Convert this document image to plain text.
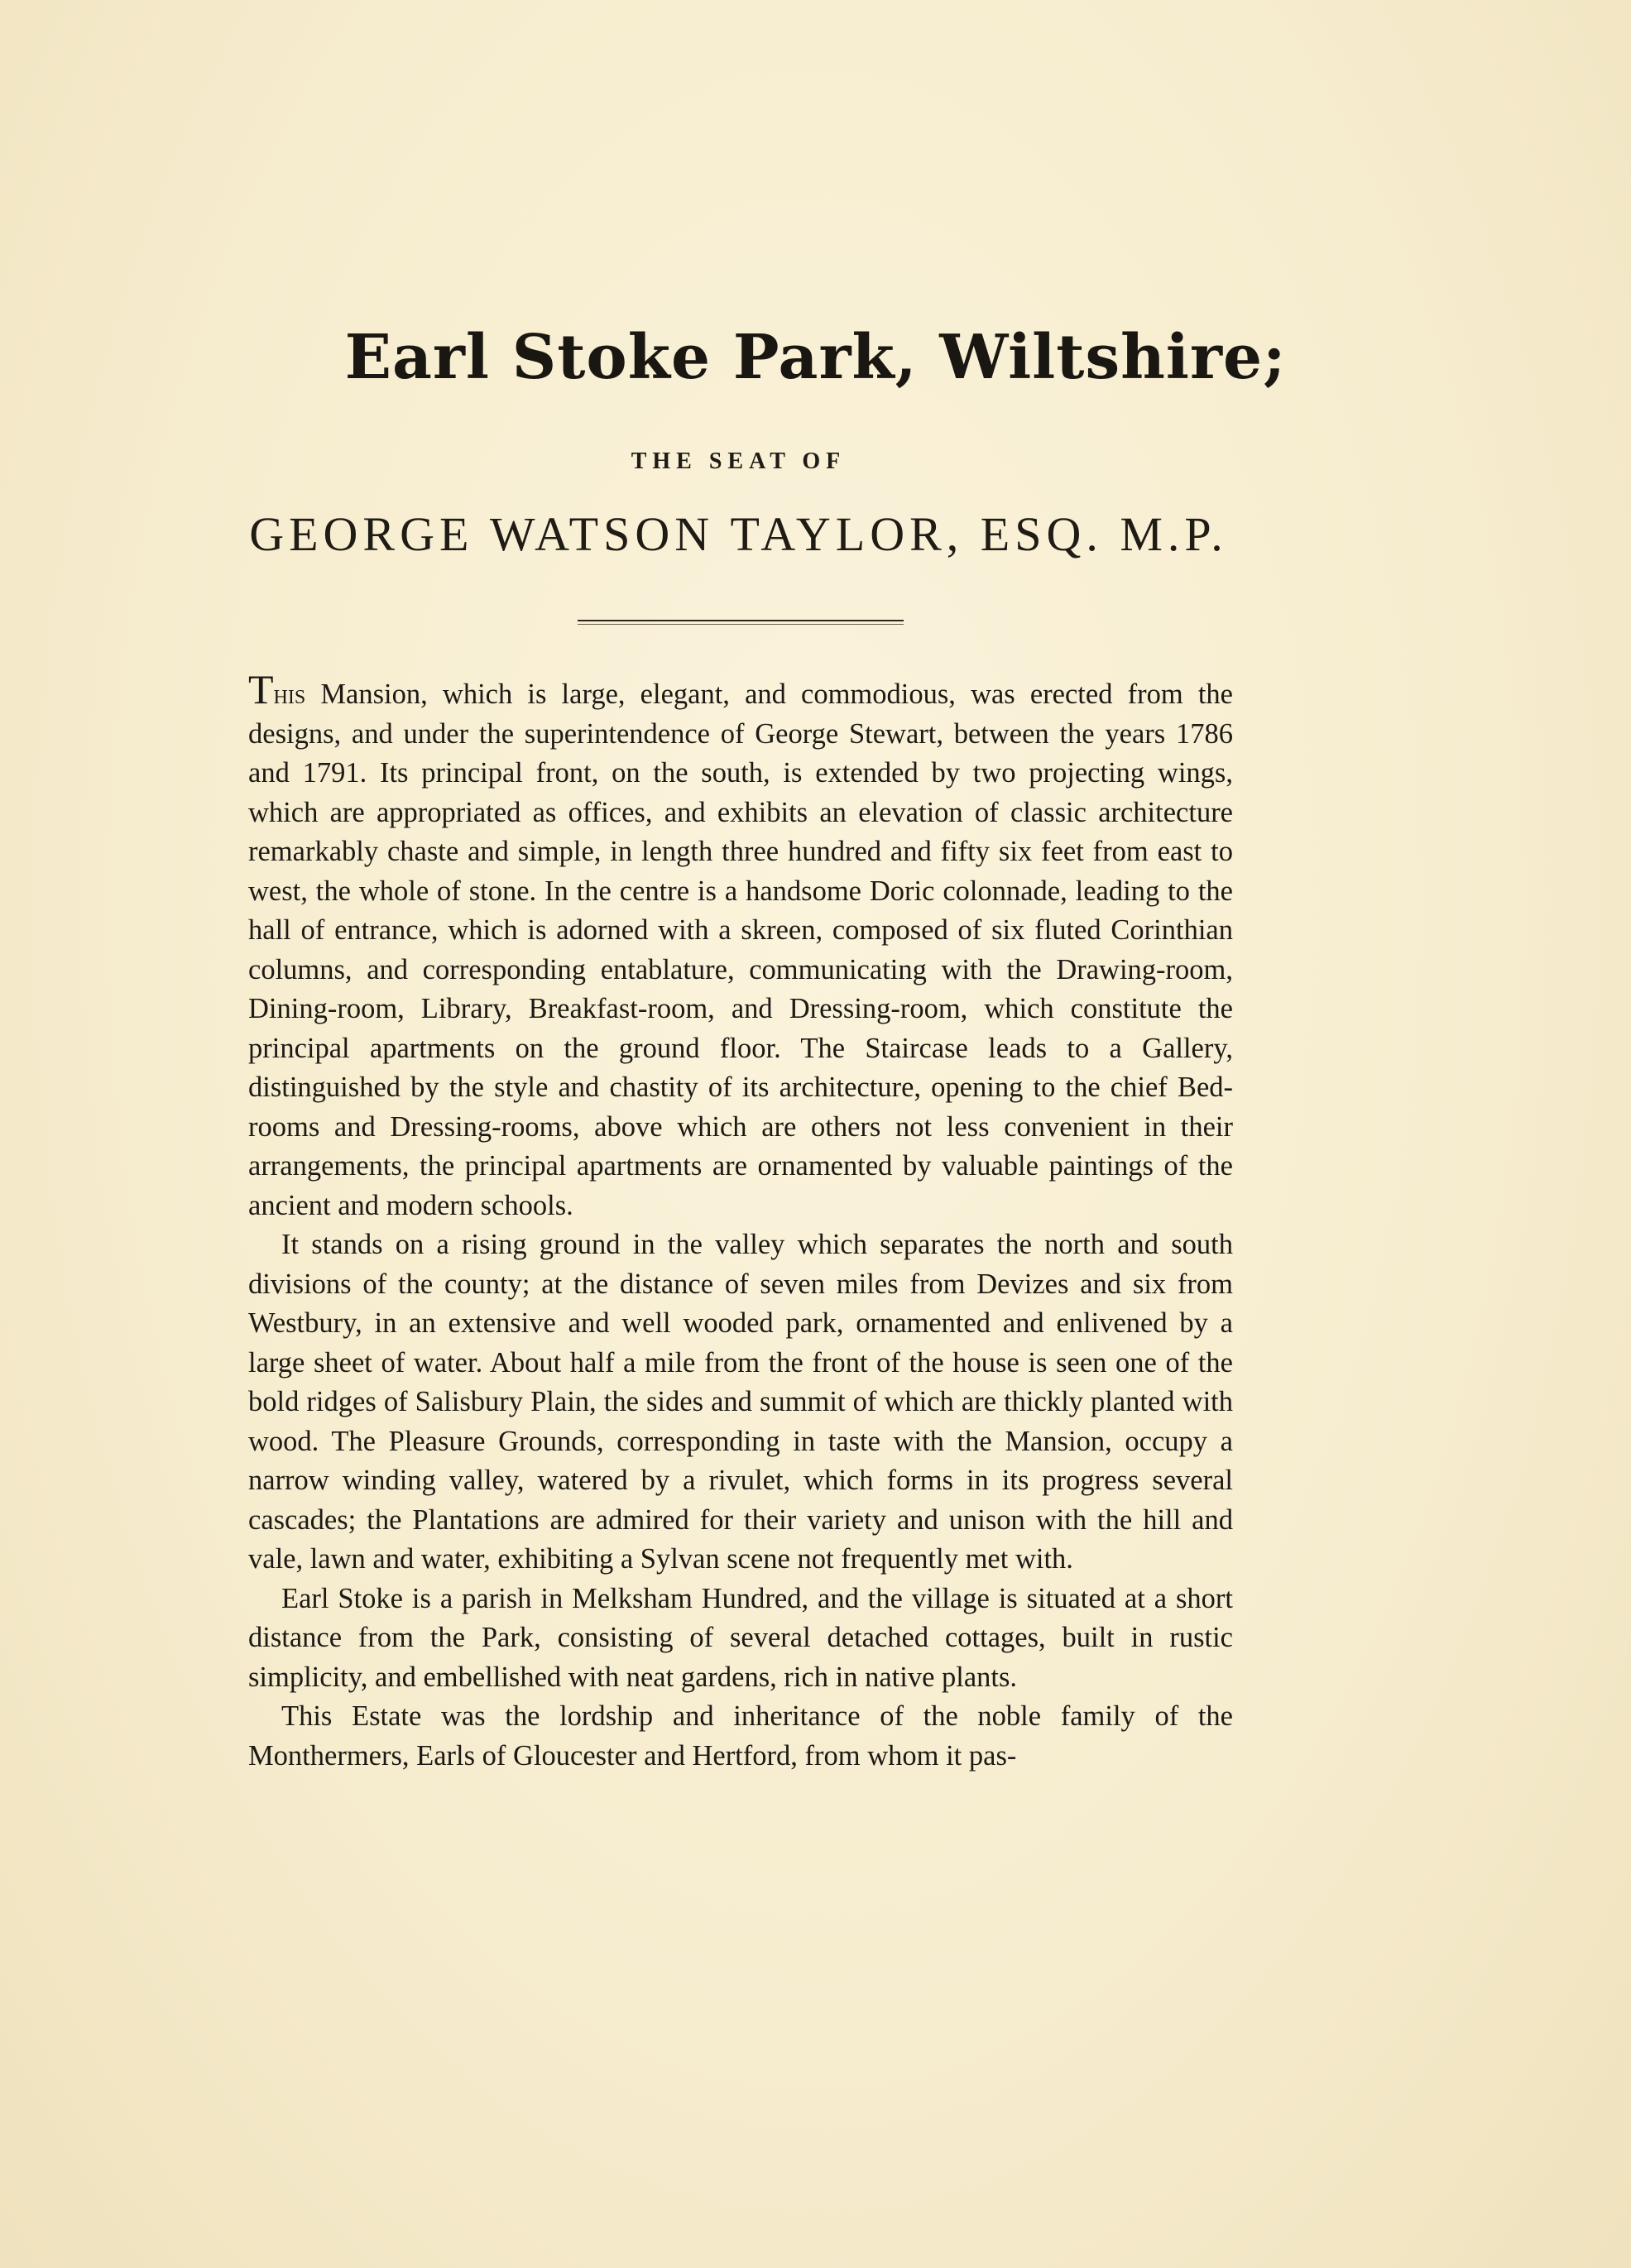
Earl Stoke Park, Wiltshire;
THE SEAT OF
GEORGE WATSON TAYLOR, ESQ. M.P.

This Mansion, which is large, elegant, and commodious, was erected from the designs, and under the superintendence of George Stewart, between the years 1786 and 1791. Its principal front, on the south, is extended by two projecting wings, which are appropriated as offices, and exhibits an elevation of classic architecture remarkably chaste and simple, in length three hundred and fifty six feet from east to west, the whole of stone. In the centre is a handsome Doric colonnade, leading to the hall of entrance, which is adorned with a skreen, composed of six fluted Corinthian columns, and corresponding entablature, communicating with the Drawing-room, Dining-room, Library, Breakfast-room, and Dressing-room, which constitute the principal apartments on the ground floor. The Staircase leads to a Gallery, distinguished by the style and chastity of its architecture, opening to the chief Bed-rooms and Dressing-rooms, above which are others not less convenient in their arrangements, the principal apartments are ornamented by valuable paintings of the ancient and modern schools.

It stands on a rising ground in the valley which separates the north and south divisions of the county; at the distance of seven miles from Devizes and six from Westbury, in an extensive and well wooded park, ornamented and enlivened by a large sheet of water. About half a mile from the front of the house is seen one of the bold ridges of Salisbury Plain, the sides and summit of which are thickly planted with wood. The Pleasure Grounds, corresponding in taste with the Mansion, occupy a narrow winding valley, watered by a rivulet, which forms in its progress several cascades; the Plantations are admired for their variety and unison with the hill and vale, lawn and water, exhibiting a Sylvan scene not frequently met with.

Earl Stoke is a parish in Melksham Hundred, and the village is situated at a short distance from the Park, consisting of several detached cottages, built in rustic simplicity, and embellished with neat gardens, rich in native plants.

This Estate was the lordship and inheritance of the noble family of the Monthermers, Earls of Gloucester and Hertford, from whom it pas-
